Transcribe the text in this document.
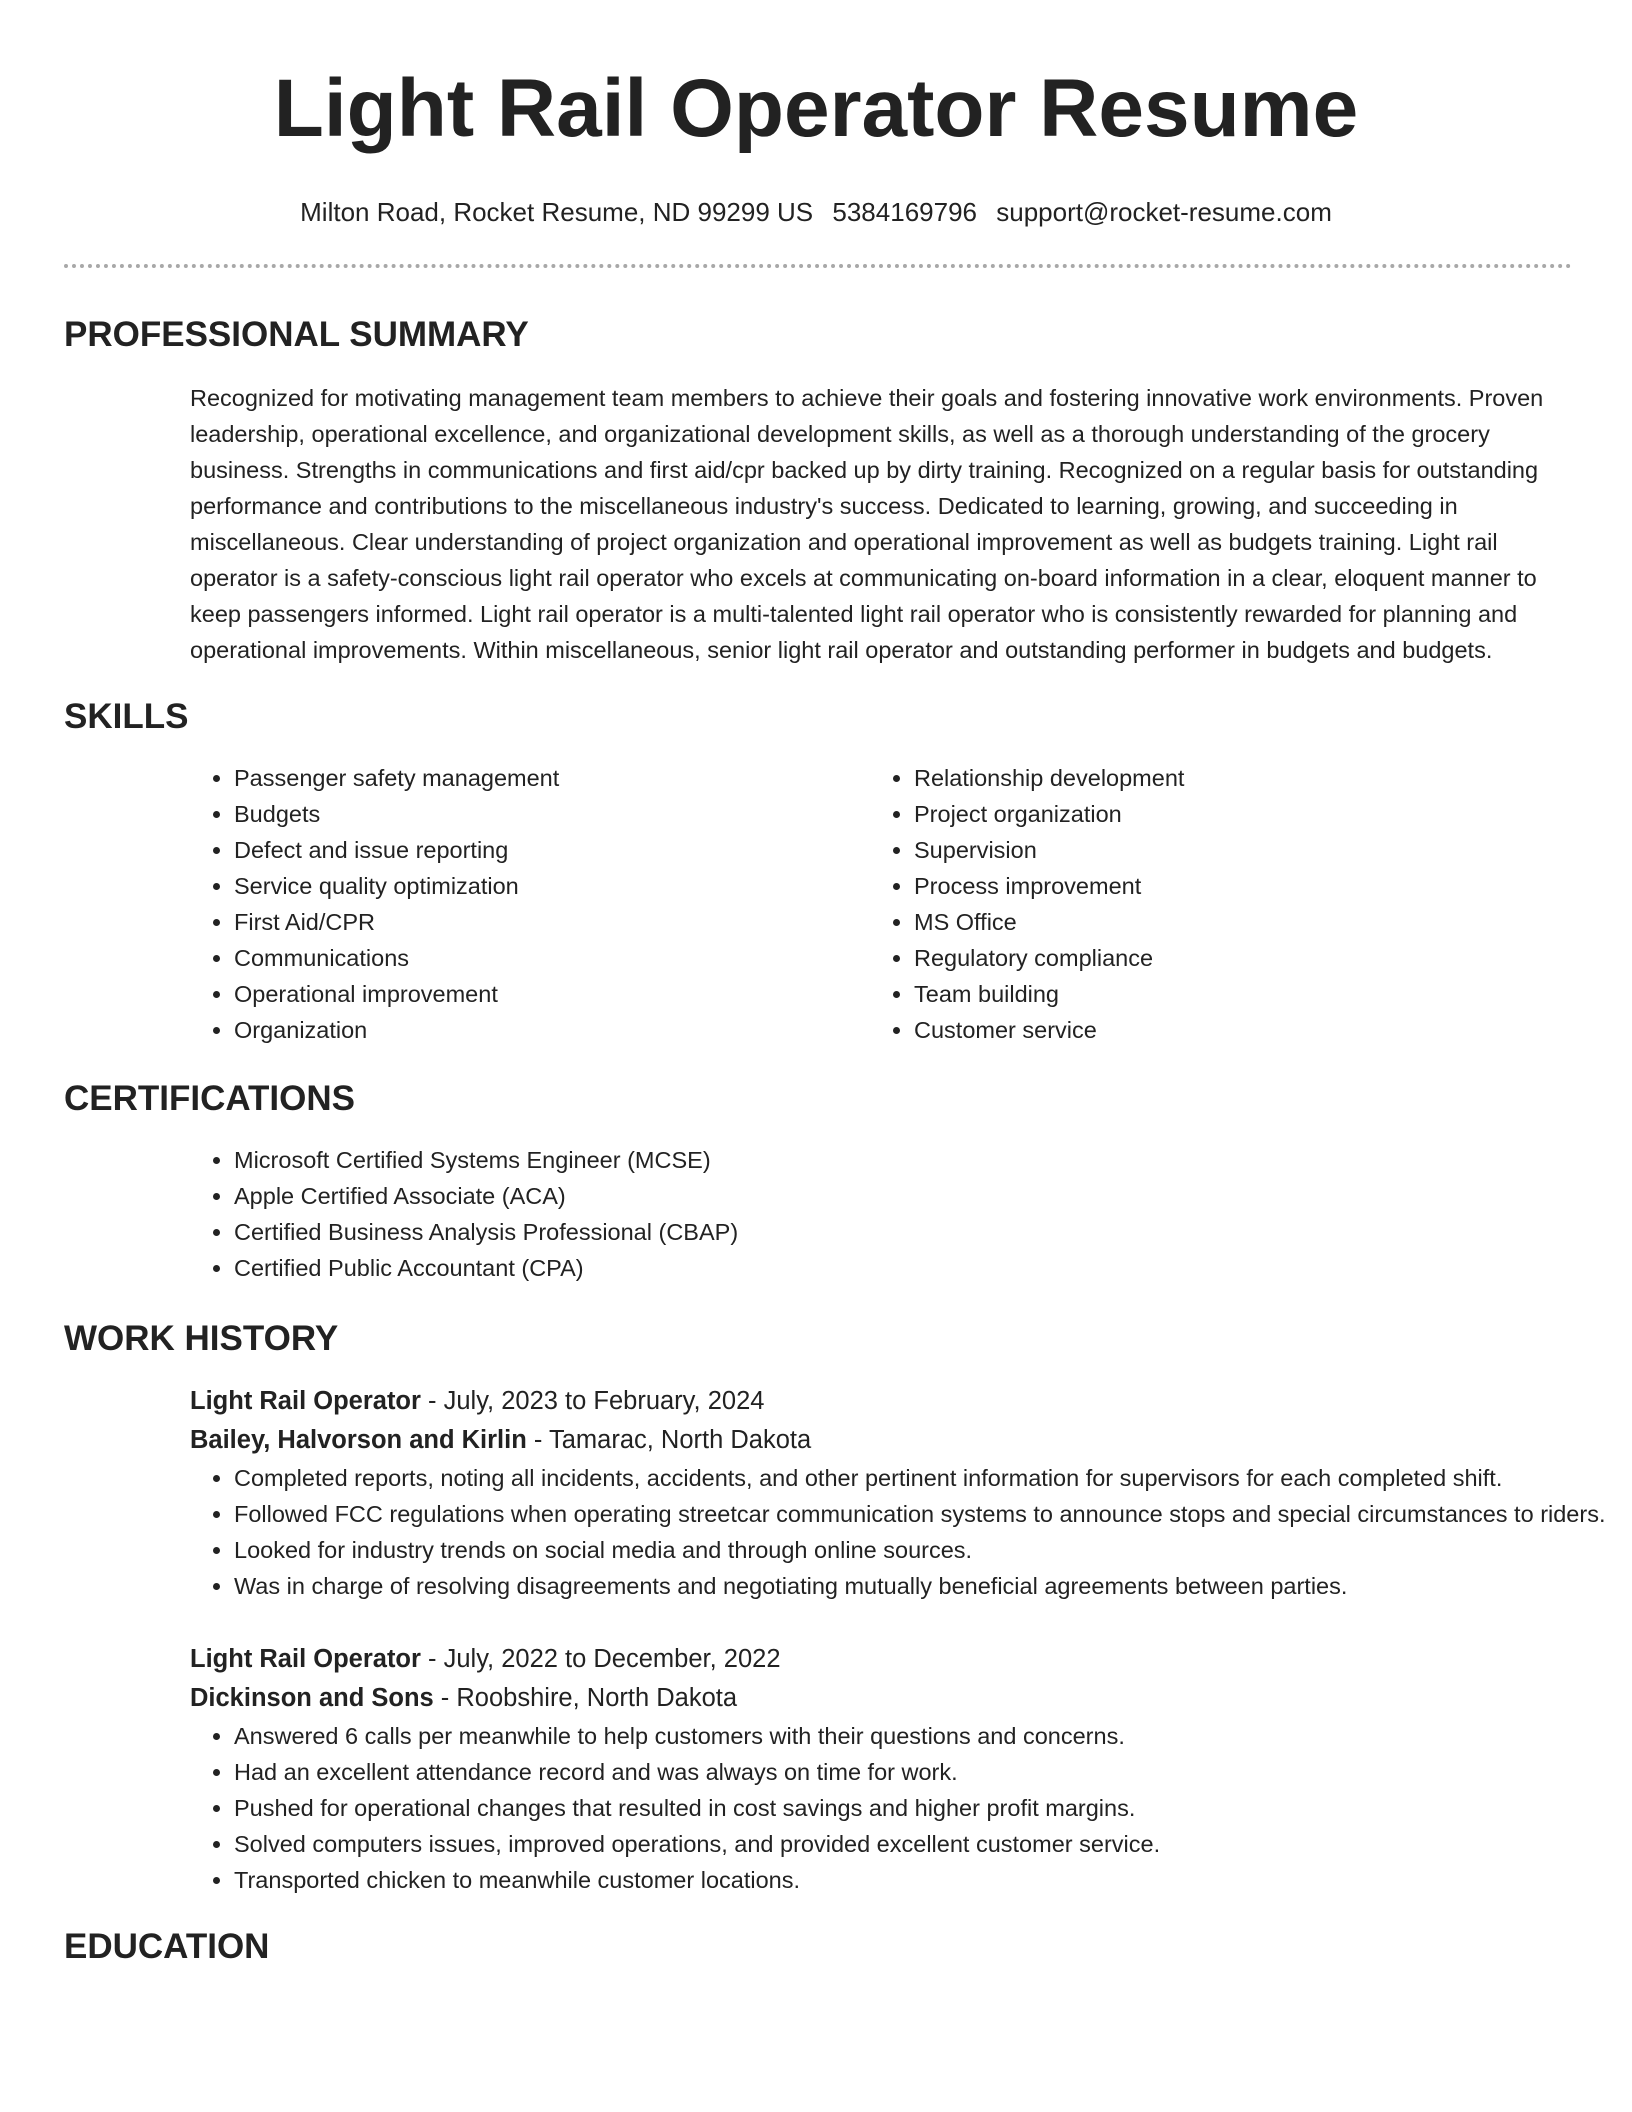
Light Rail Operator Resume
Milton Road, Rocket Resume, ND 99299 US 5384169796 support@rocket-resume.com
PROFESSIONAL SUMMARY
Recognized for motivating management team members to achieve their goals and fostering innovative work environments. Proven leadership, operational excellence, and organizational development skills, as well as a thorough understanding of the grocery business. Strengths in communications and first aid/cpr backed up by dirty training. Recognized on a regular basis for outstanding performance and contributions to the miscellaneous industry's success. Dedicated to learning, growing, and succeeding in miscellaneous. Clear understanding of project organization and operational improvement as well as budgets training. Light rail operator is a safety-conscious light rail operator who excels at communicating on-board information in a clear, eloquent manner to keep passengers informed. Light rail operator is a multi-talented light rail operator who is consistently rewarded for planning and operational improvements. Within miscellaneous, senior light rail operator and outstanding performer in budgets and budgets.
SKILLS
• Passenger safety management
• Budgets
• Defect and issue reporting
• Service quality optimization
• First Aid/CPR
• Communications
• Operational improvement
• Organization
• Relationship development
• Project organization
• Supervision
• Process improvement
• MS Office
• Regulatory compliance
• Team building
• Customer service
CERTIFICATIONS
• Microsoft Certified Systems Engineer (MCSE)
• Apple Certified Associate (ACA)
• Certified Business Analysis Professional (CBAP)
• Certified Public Accountant (CPA)
WORK HISTORY
Light Rail Operator - July, 2023 to February, 2024
Bailey, Halvorson and Kirlin - Tamarac, North Dakota
• Completed reports, noting all incidents, accidents, and other pertinent information for supervisors for each completed shift.
• Followed FCC regulations when operating streetcar communication systems to announce stops and special circumstances to riders.
• Looked for industry trends on social media and through online sources.
• Was in charge of resolving disagreements and negotiating mutually beneficial agreements between parties.
Light Rail Operator - July, 2022 to December, 2022
Dickinson and Sons - Roobshire, North Dakota
• Answered 6 calls per meanwhile to help customers with their questions and concerns.
• Had an excellent attendance record and was always on time for work.
• Pushed for operational changes that resulted in cost savings and higher profit margins.
• Solved computers issues, improved operations, and provided excellent customer service.
• Transported chicken to meanwhile customer locations.
EDUCATION
